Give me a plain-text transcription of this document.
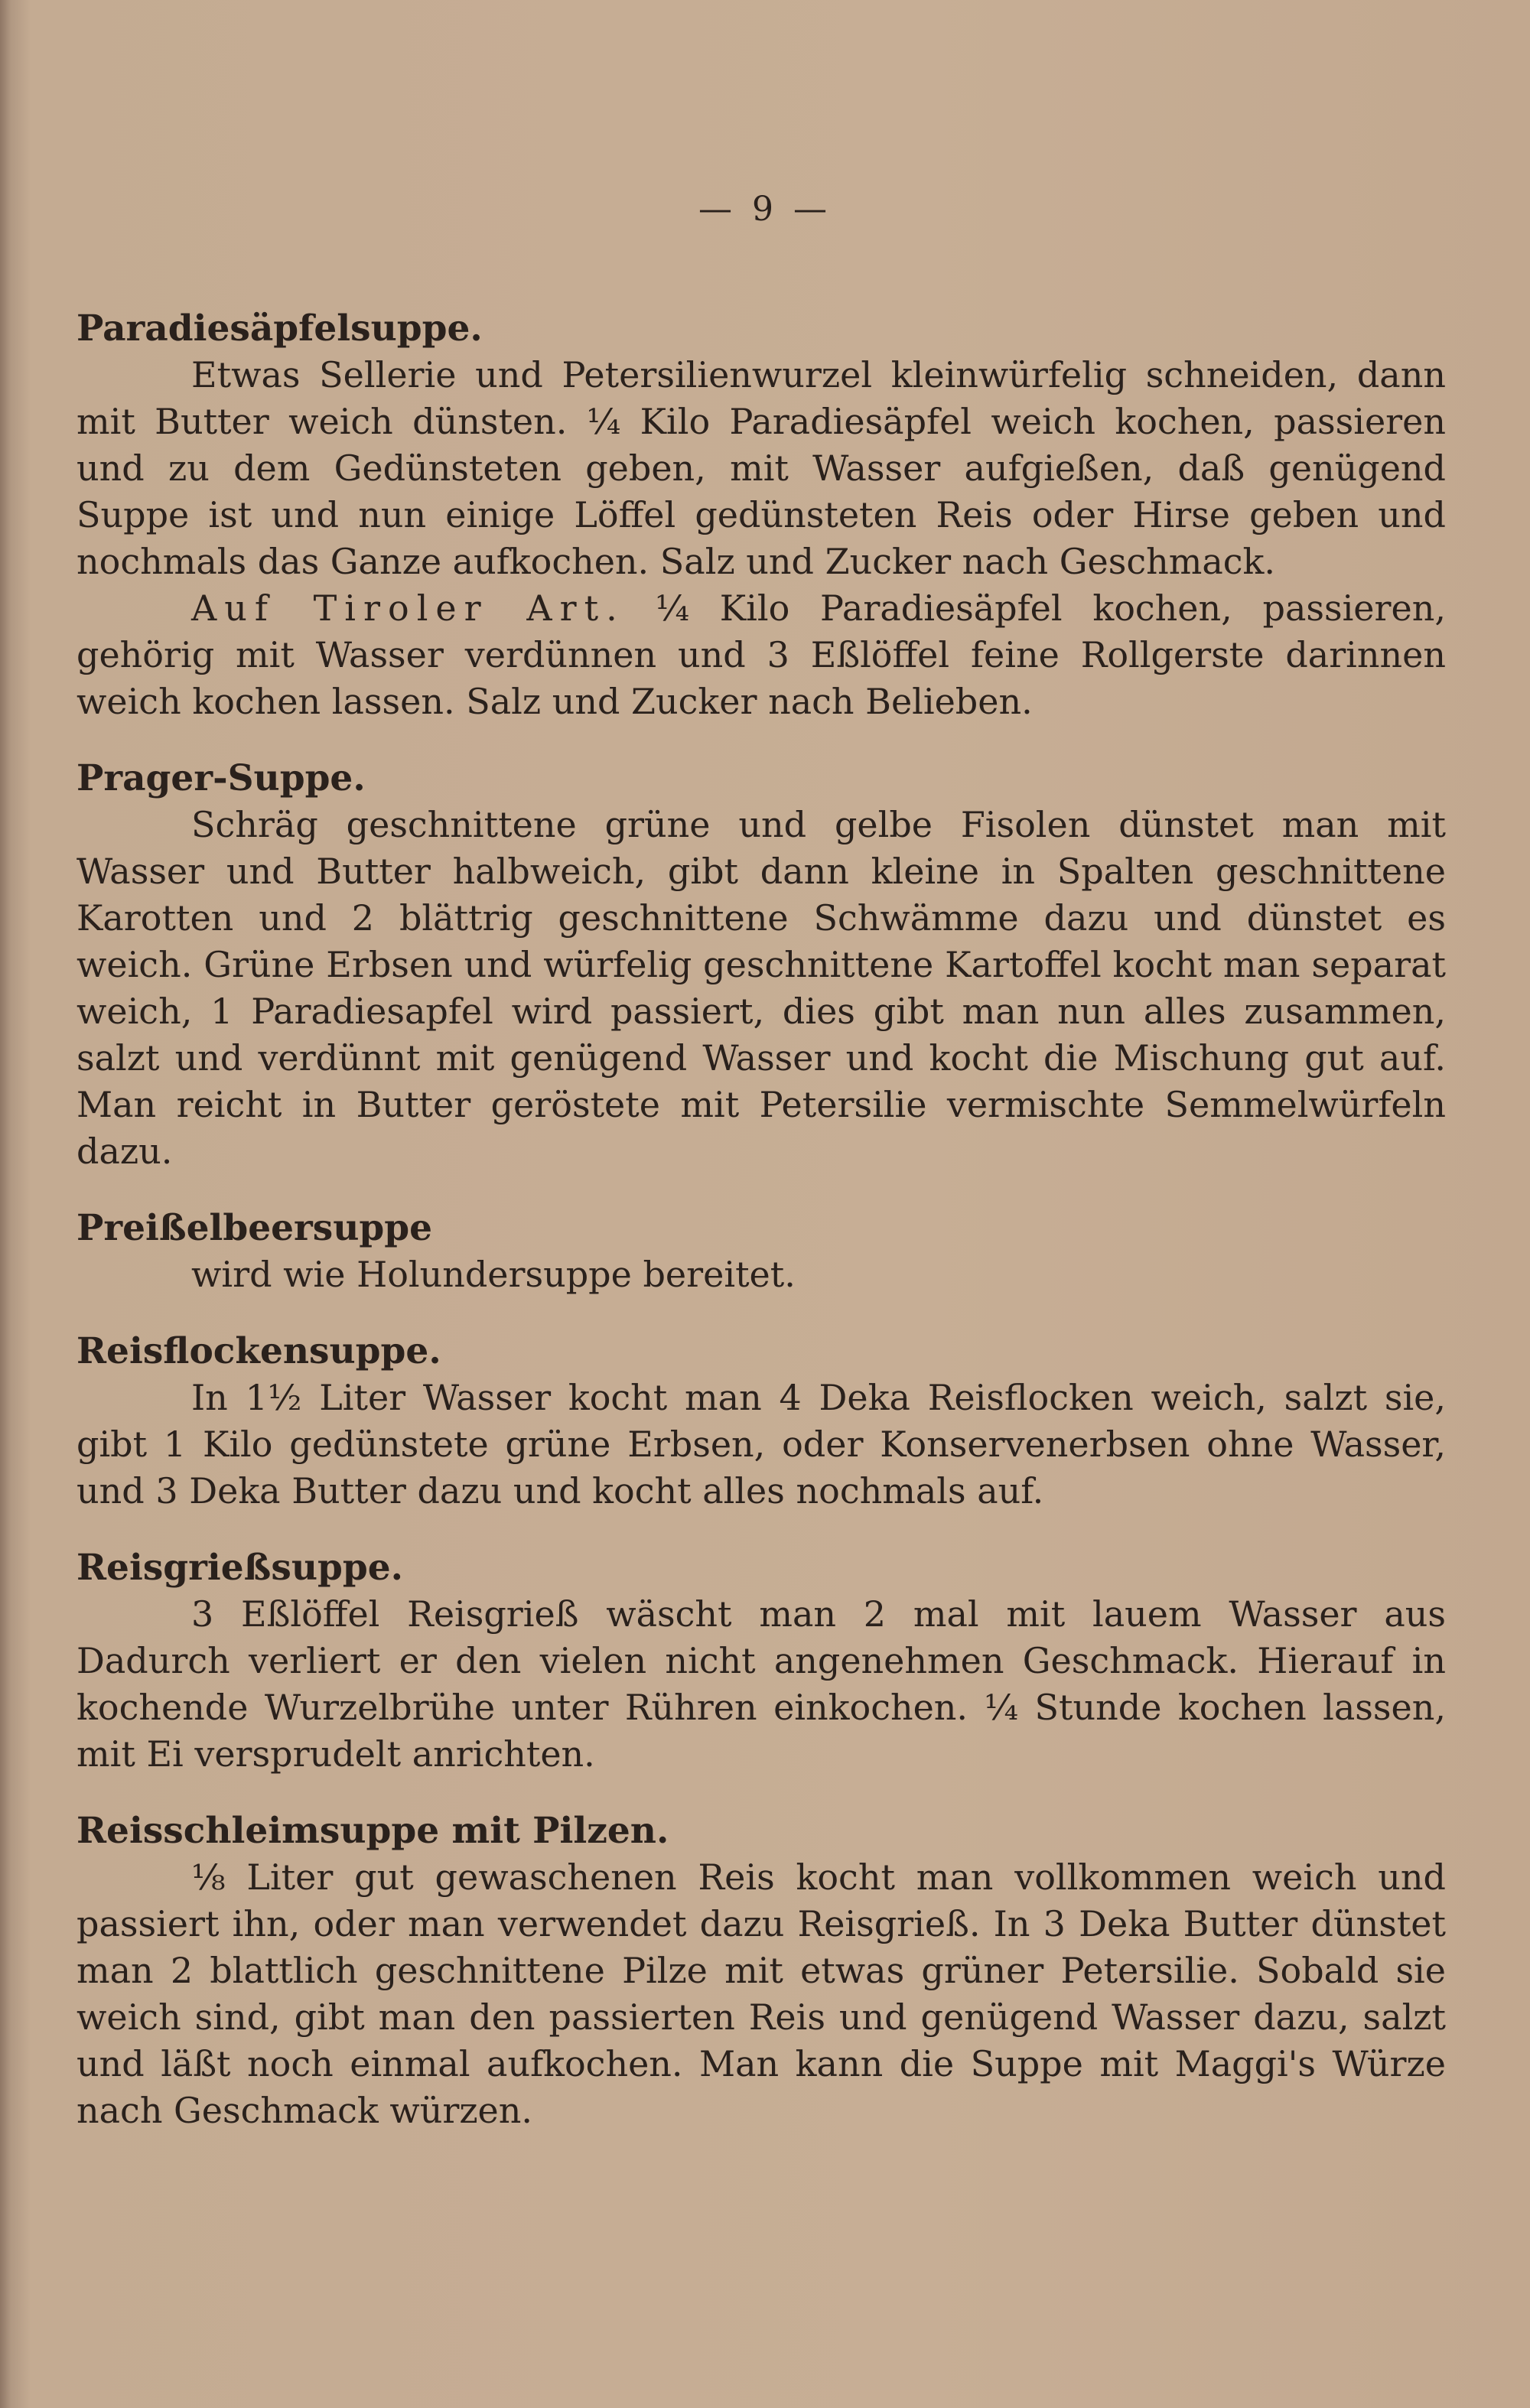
— 9 —

Paradiesäpfelsuppe.

Etwas Sellerie und Petersilienwurzel kleinwürfelig schneiden, dann mit Butter weich dünsten. ¼ Kilo Paradiesäpfel weich kochen, passieren und zu dem Gedünsteten geben, mit Wasser aufgießen, daß genügend Suppe ist und nun einige Löffel gedünsteten Reis oder Hirse geben und nochmals das Ganze aufkochen. Salz und Zucker nach Geschmack.

Auf Tiroler Art. ¼ Kilo Paradiesäpfel kochen, passieren, gehörig mit Wasser verdünnen und 3 Eßlöffel feine Rollgerste darinnen weich kochen lassen. Salz und Zucker nach Belieben.

Prager-Suppe.

Schräg geschnittene grüne und gelbe Fisolen dünstet man mit Wasser und Butter halbweich, gibt dann kleine in Spalten geschnittene Karotten und 2 blättrig geschnittene Schwämme dazu und dünstet es weich. Grüne Erbsen und würfelig geschnittene Kartoffel kocht man separat weich, 1 Paradiesapfel wird passiert, dies gibt man nun alles zusammen, salzt und verdünnt mit genügend Wasser und kocht die Mischung gut auf. Man reicht in Butter geröstete mit Petersilie vermischte Semmelwürfeln dazu.

Preißelbeersuppe

wird wie Holundersuppe bereitet.

Reisflockensuppe.

In 1½ Liter Wasser kocht man 4 Deka Reisflocken weich, salzt sie, gibt 1 Kilo gedünstete grüne Erbsen, oder Konservenerbsen ohne Wasser, und 3 Deka Butter dazu und kocht alles nochmals auf.

Reisgrießsuppe.

3 Eßlöffel Reisgrieß wäscht man 2 mal mit lauem Wasser aus Dadurch verliert er den vielen nicht angenehmen Geschmack. Hierauf in kochende Wurzelbrühe unter Rühren einkochen. ¼ Stunde kochen lassen, mit Ei versprudelt anrichten.

Reisschleimsuppe mit Pilzen.

⅛ Liter gut gewaschenen Reis kocht man vollkommen weich und passiert ihn, oder man verwendet dazu Reisgrieß. In 3 Deka Butter dünstet man 2 blattlich geschnittene Pilze mit etwas grüner Petersilie. Sobald sie weich sind, gibt man den passierten Reis und genügend Wasser dazu, salzt und läßt noch einmal aufkochen. Man kann die Suppe mit Maggi's Würze nach Geschmack würzen.
